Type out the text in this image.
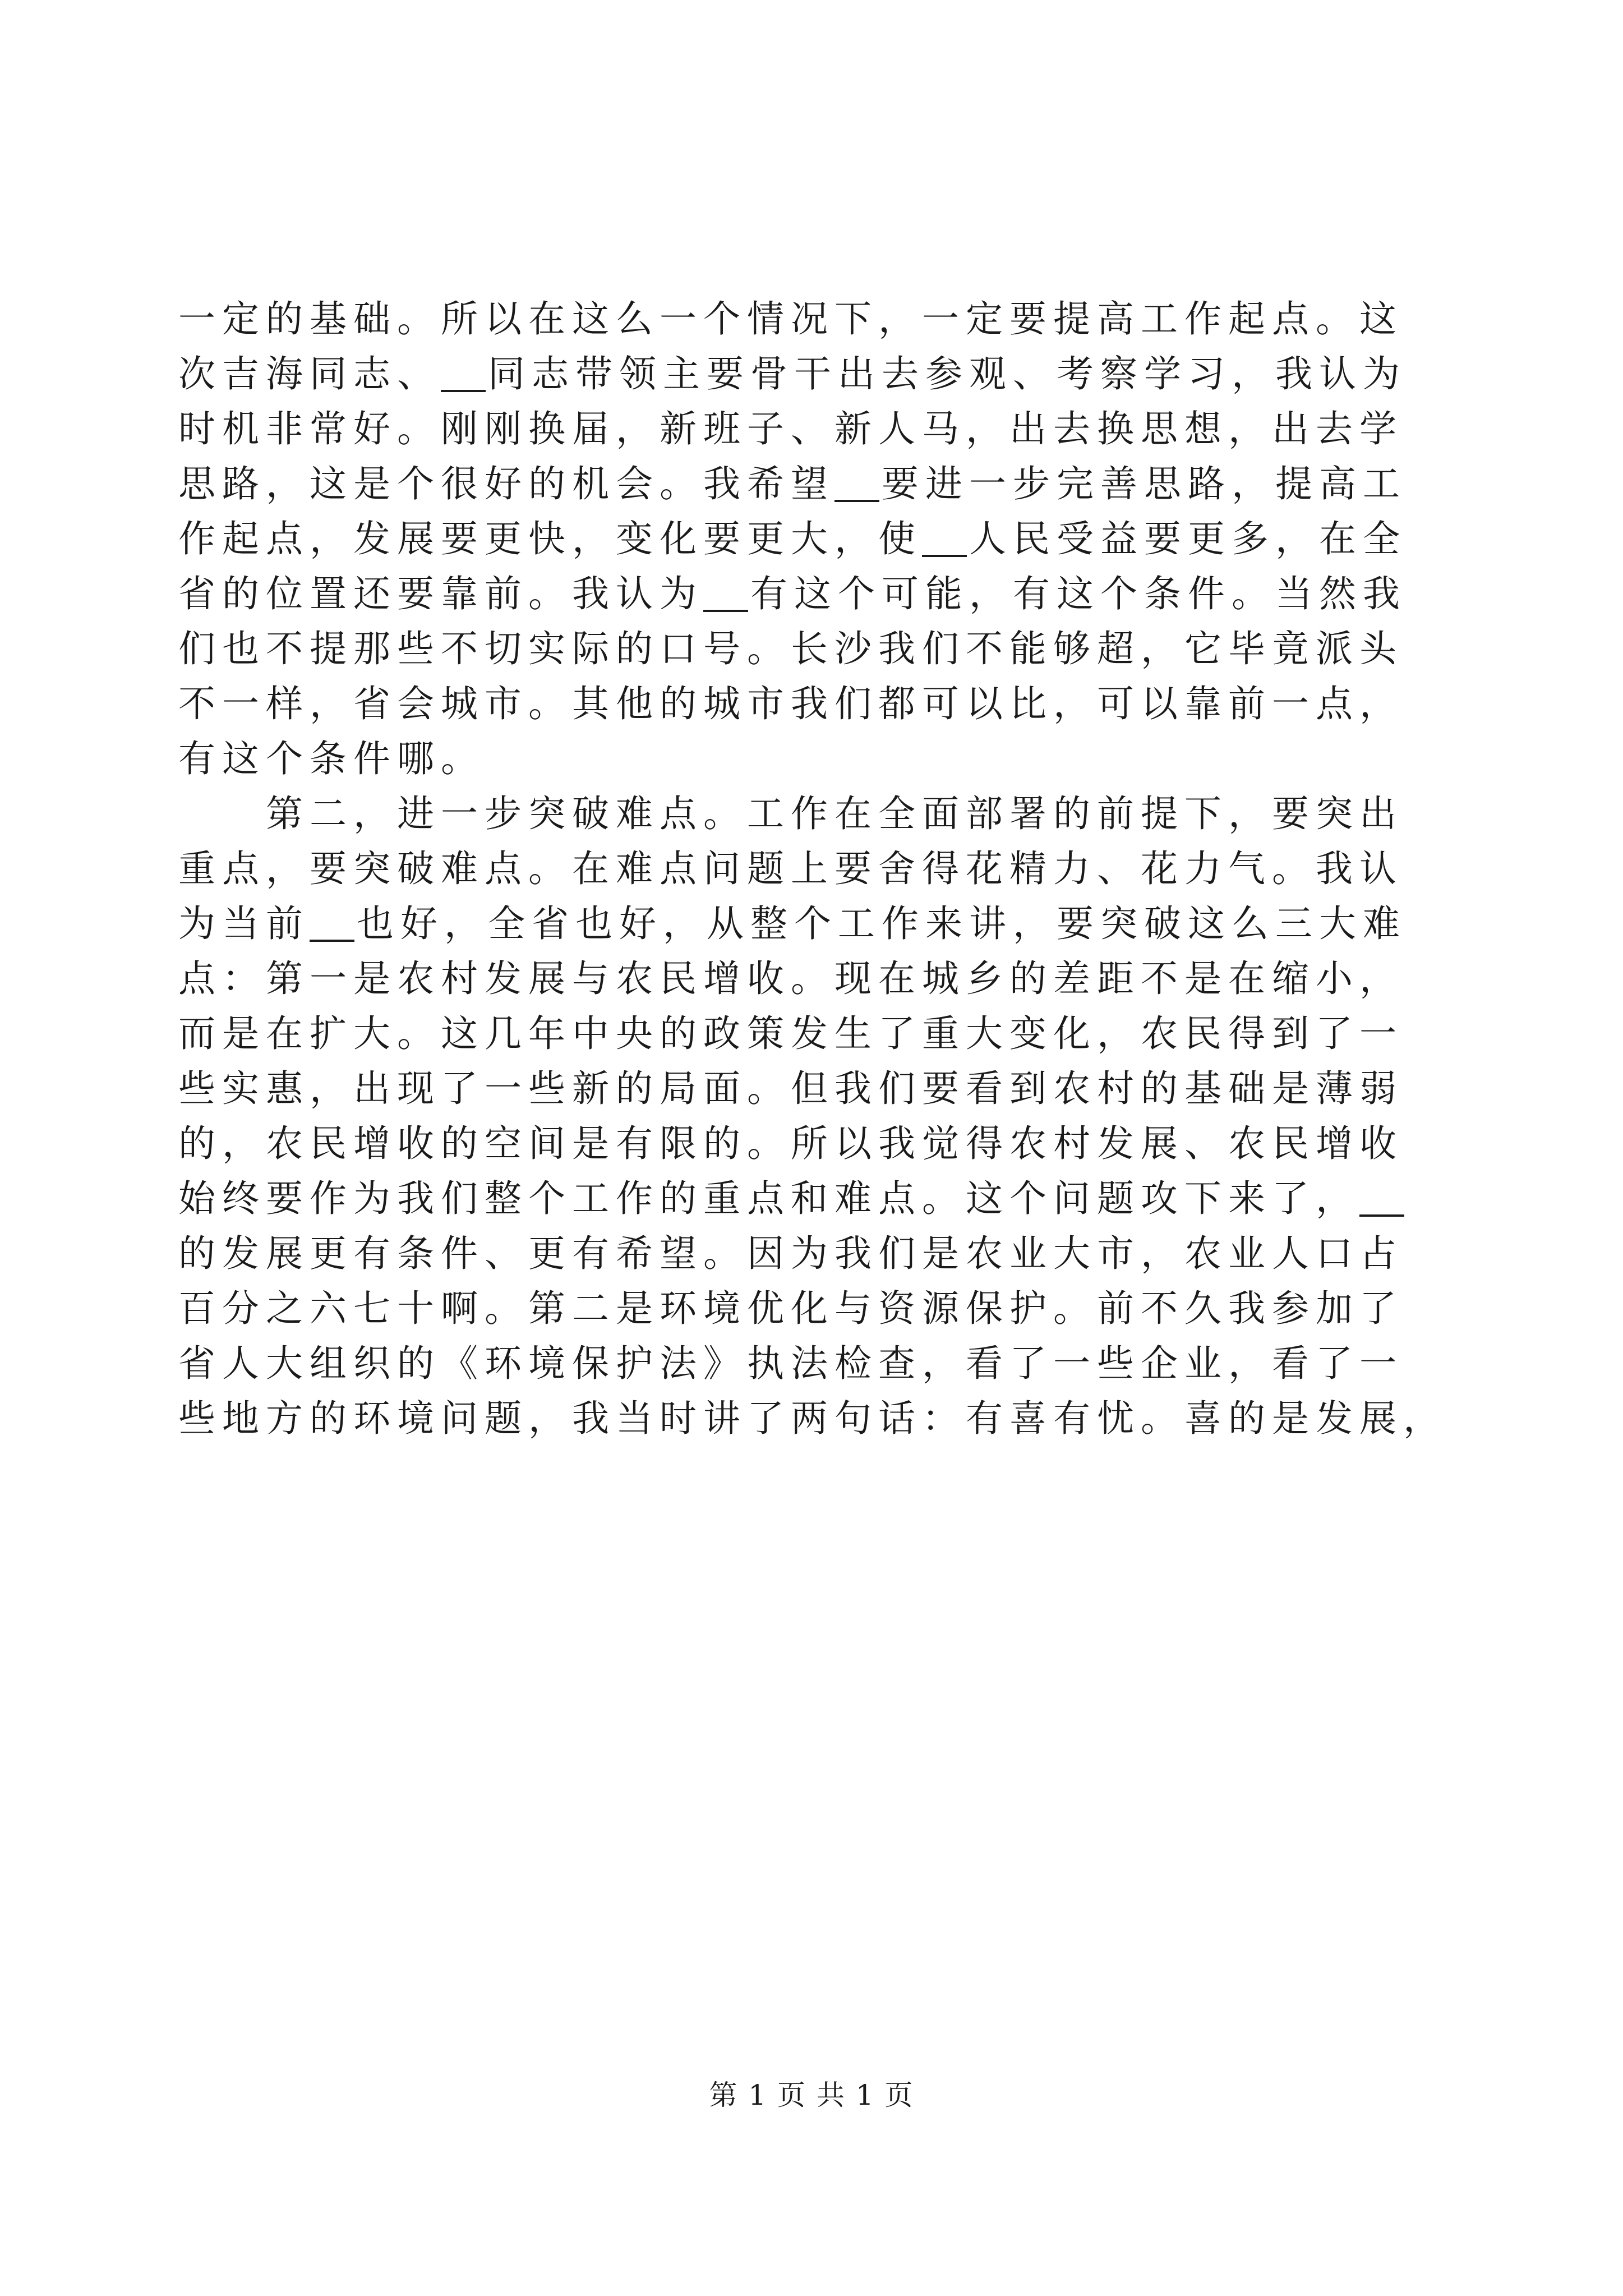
一定的基础。所以在这么一个情况下，一定要提高工作起点。这
次吉海同志、 同志带领主要骨干出去参观、考察学习，我认为
时机非常好。刚刚换届，新班子、新人马，出去换思想，出去学
思路，这是个很好的机会。我希望 要进一步完善思路，提高工
作起点，发展要更快，变化要更大，使 人民受益要更多，在全
省的位置还要靠前。我认为 有这个可能，有这个条件。当然我
们也不提那些不切实际的口号。长沙我们不能够超，它毕竟派头
不一样，省会城市。其他的城市我们都可以比，可以靠前一点，
有这个条件哪。
　　第二，进一步突破难点。工作在全面部署的前提下，要突出
重点，要突破难点。在难点问题上要舍得花精力、花力气。我认
为当前 也好，全省也好，从整个工作来讲，要突破这么三大难
点：第一是农村发展与农民增收。现在城乡的差距不是在缩小，
而是在扩大。这几年中央的政策发生了重大变化，农民得到了一
些实惠，出现了一些新的局面。但我们要看到农村的基础是薄弱
的，农民增收的空间是有限的。所以我觉得农村发展、农民增收
始终要作为我们整个工作的重点和难点。这个问题攻下来了，
的发展更有条件、更有希望。因为我们是农业大市，农业人口占
百分之六七十啊。第二是环境优化与资源保护。前不久我参加了
省人大组织的《环境保护法》执法检查，看了一些企业，看了一
些地方的环境问题，我当时讲了两句话：有喜有忧。喜的是发展，
第 1 页 共 1 页
